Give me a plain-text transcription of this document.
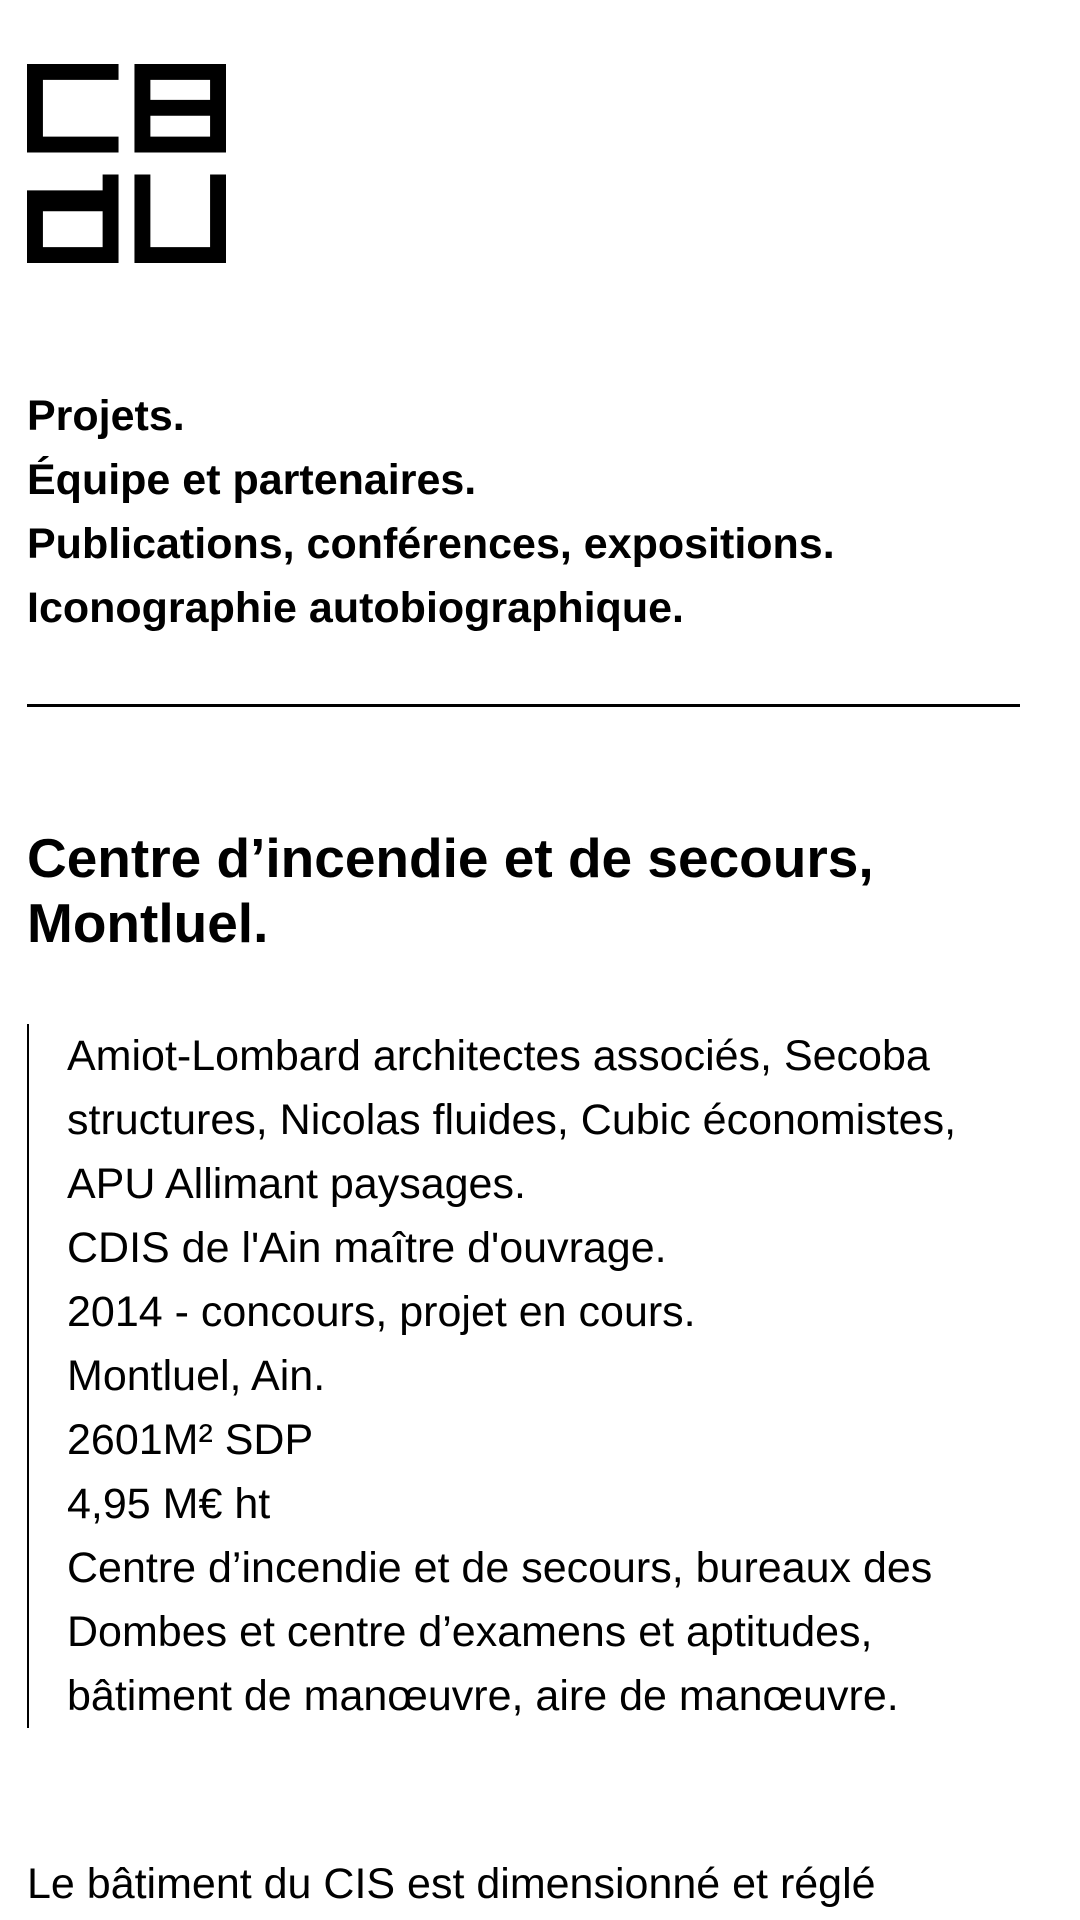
Projets.
Équipe et partenaires.
Publications, conférences, expositions.
Iconographie autobiographique.
Centre d’incendie et de secours,
Montluel.

Amiot-Lombard architectes associés, Secoba structures, Nicolas fluides, Cubic économistes, APU Allimant paysages.

CDIS de l'Ain maître d'ouvrage.

2014 - concours, projet en cours.

Montluel, Ain.

2601M² SDP

4,95 M€ ht

Centre d’incendie et de secours, bureaux des Dombes et centre d’examens et aptitudes, bâtiment de manœuvre, aire de manœuvre.

Le bâtiment du CIS est dimensionné et réglé
